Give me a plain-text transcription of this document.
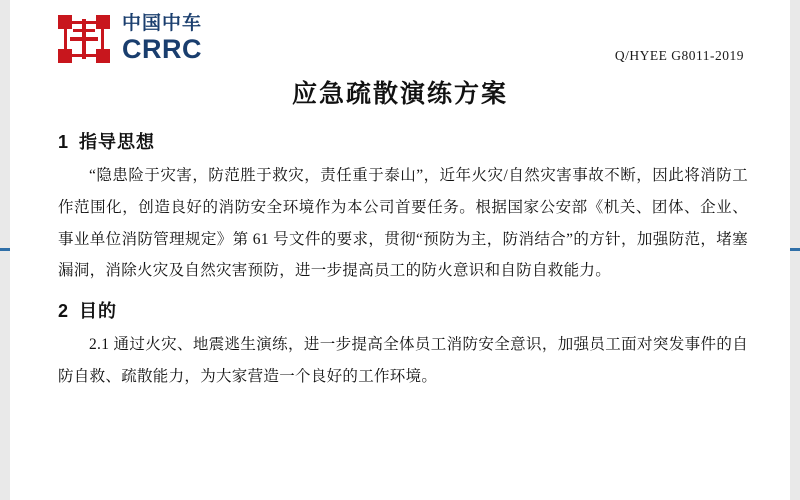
中国中车
CRRC	Q/HYEE G8011-2019
应急疏散演练方案
1 指导思想

“隐患险于灾害，防范胜于救灾，责任重于泰山”，近年火灾/自然灾害事故不断，因此将消防工作范围化，创造良好的消防安全环境作为本公司首要任务。根据国家公安部《机关、团体、企业、事业单位消防管理规定》第 61 号文件的要求，贯彻“预防为主，防消结合”的方针，加强防范，堵塞漏洞，消除火灾及自然灾害预防，进一步提高员工的防火意识和自防自救能力。

2 目的

2.1 通过火灾、地震逃生演练，进一步提高全体员工消防安全意识，加强员工面对突发事件的自防自救、疏散能力，为大家营造一个良好的工作环境。
